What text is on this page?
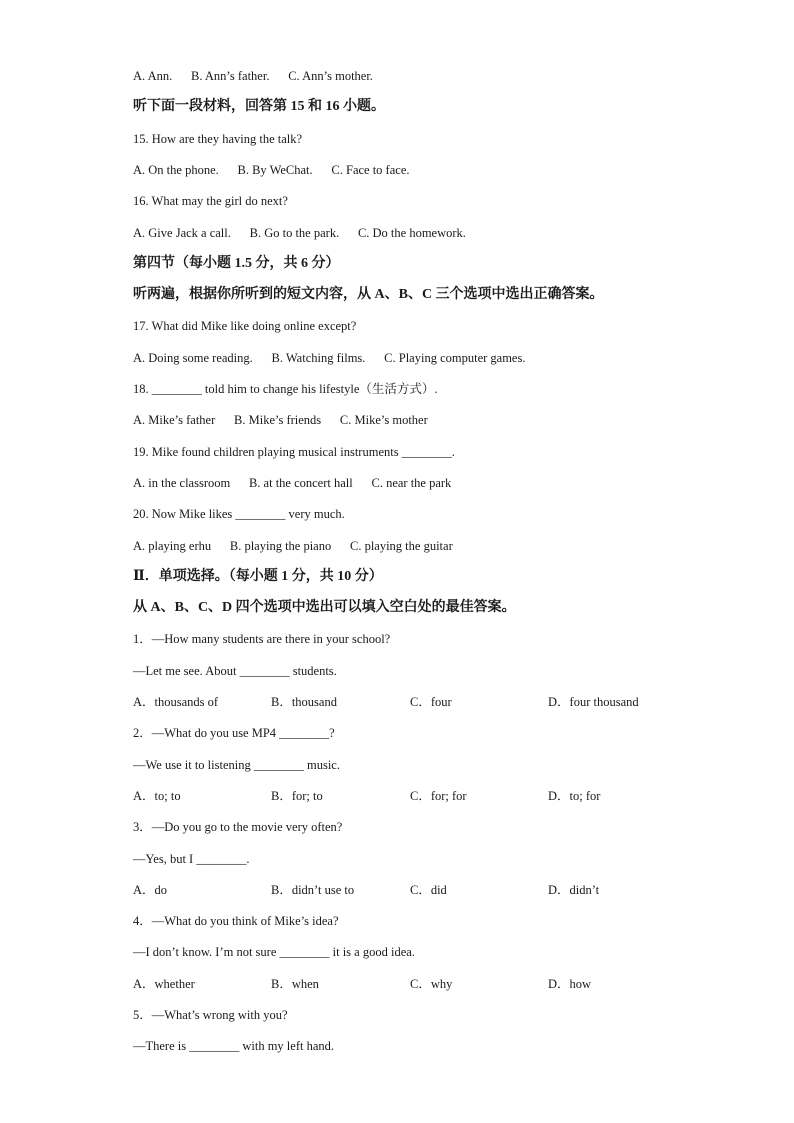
A. Ann.      B. Ann’s father.      C. Ann’s mother.
听下面一段材料，回答第 15 和 16 小题。
15. How are they having the talk?
A. On the phone.      B. By WeChat.      C. Face to face.
16. What may the girl do next?
A. Give Jack a call.      B. Go to the park.      C. Do the homework.
第四节（每小题 1.5 分，共 6 分）
听两遍，根据你所听到的短文内容，从 A、B、C 三个选项中选出正确答案。
17. What did Mike like doing online except?
A. Doing some reading.      B. Watching films.      C. Playing computer games.
18. ________ told him to change his lifestyle（生活方式）.
A. Mike’s father      B. Mike’s friends      C. Mike’s mother
19. Mike found children playing musical instruments ________.
A. in the classroom      B. at the concert hall      C. near the park
20. Now Mike likes ________ very much.
A. playing erhu      B. playing the piano      C. playing the guitar
Ⅱ．单项选择。（每小题 1 分，共 10 分）
从 A、B、C、D 四个选项中选出可以填入空白处的最佳答案。
1．—How many students are there in your school?
—Let me see. About ________ students.
A．thousands of	B．thousand	C．four	D．four thousand
2．—What do you use MP4 ________?
—We use it to listening ________ music.
A．to; to	B．for; to	C．for; for	D．to; for
3．—Do you go to the movie very often?
—Yes, but I ________.
A．do	B．didn’t use to	C．did	D．didn’t
4．—What do you think of Mike’s idea?
—I don’t know. I’m not sure ________ it is a good idea.
A．whether	B．when	C．why	D．how
5．—What’s wrong with you?
—There is ________ with my left hand.
